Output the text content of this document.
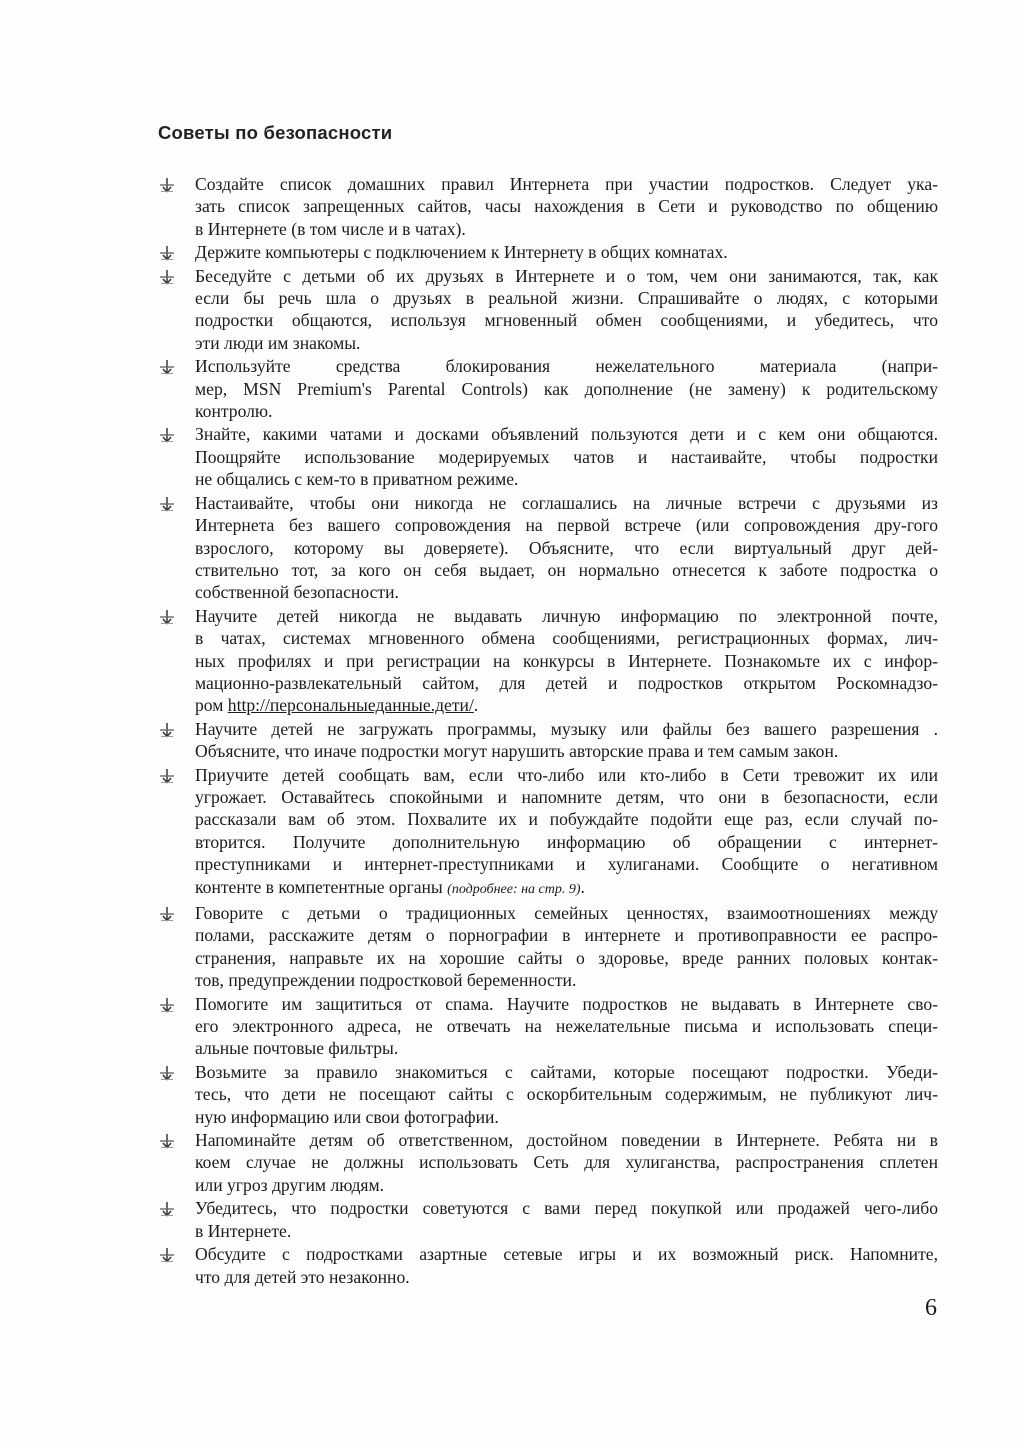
Советы по безопасности
Создайте список домашних правил Интернета при участии подростков. Следует ука-
зать список запрещенных сайтов, часы нахождения в Сети и руководство по общению
в Интернете (в том числе и в чатах).
Держите компьютеры с подключением к Интернету в общих комнатах.
Беседуйте с детьми об их друзьях в Интернете и о том, чем они занимаются, так, как
если бы речь шла о друзьях в реальной жизни. Спрашивайте о людях, с которыми
подростки общаются, используя мгновенный обмен сообщениями, и убедитесь, что
эти люди им знакомы.
Используйте средства блокирования нежелательного материала (напри-
мер, MSN Premium's Parental Controls) как дополнение (не замену) к родительскому
контролю.
Знайте, какими чатами и досками объявлений пользуются дети и с кем они общаются.
Поощряйте использование модерируемых чатов и настаивайте, чтобы подростки
не общались с кем-то в приватном режиме.
Настаивайте, чтобы они никогда не соглашались на личные встречи с друзьями из
Интернета без вашего сопровождения на первой встрече (или сопровождения дру-гого
взрослого, которому вы доверяете). Объясните, что если виртуальный друг дей-
ствительно тот, за кого он себя выдает, он нормально отнесется к заботе подростка о
собственной безопасности.
Научите детей никогда не выдавать личную информацию по электронной почте,
в чатах, системах мгновенного обмена сообщениями, регистрационных формах, лич-
ных профилях и при регистрации на конкурсы в Интернете. Познакомьте их с инфор-
мационно-развлекательный сайтом, для детей и подростков открытом Роскомнадзо-
ром http://персональныеданные.дети/.
Научите детей не загружать программы, музыку или файлы без вашего разрешения .
Объясните, что иначе подростки могут нарушить авторские права и тем самым закон.
Приучите детей сообщать вам, если что-либо или кто-либо в Сети тревожит их или
угрожает. Оставайтесь спокойными и напомните детям, что они в безопасности, если
рассказали вам об этом. Похвалите их и побуждайте подойти еще раз, если случай по-
вторится. Получите дополнительную информацию об обращении с интернет-
преступниками и интернет-преступниками и хулиганами. Сообщите о негативном
контенте в компетентные органы (подробнее: на стр. 9).
Говорите с детьми о традиционных семейных ценностях, взаимоотношениях между
полами, расскажите детям о порнографии в интернете и противоправности ее распро-
странения, направьте их на хорошие сайты о здоровье, вреде ранних половых контак-
тов, предупреждении подростковой беременности.
Помогите им защититься от спама. Научите подростков не выдавать в Интернете сво-
его электронного адреса, не отвечать на нежелательные письма и использовать специ-
альные почтовые фильтры.
Возьмите за правило знакомиться с сайтами, которые посещают подростки. Убеди-
тесь, что дети не посещают сайты с оскорбительным содержимым, не публикуют лич-
ную информацию или свои фотографии.
Напоминайте детям об ответственном, достойном поведении в Интернете. Ребята ни в
коем случае не должны использовать Сеть для хулиганства, распространения сплетен
или угроз другим людям.
Убедитесь, что подростки советуются с вами перед покупкой или продажей чего-либо
в Интернете.
Обсудите с подростками азартные сетевые игры и их возможный риск. Напомните,
что для детей это незаконно.
6
